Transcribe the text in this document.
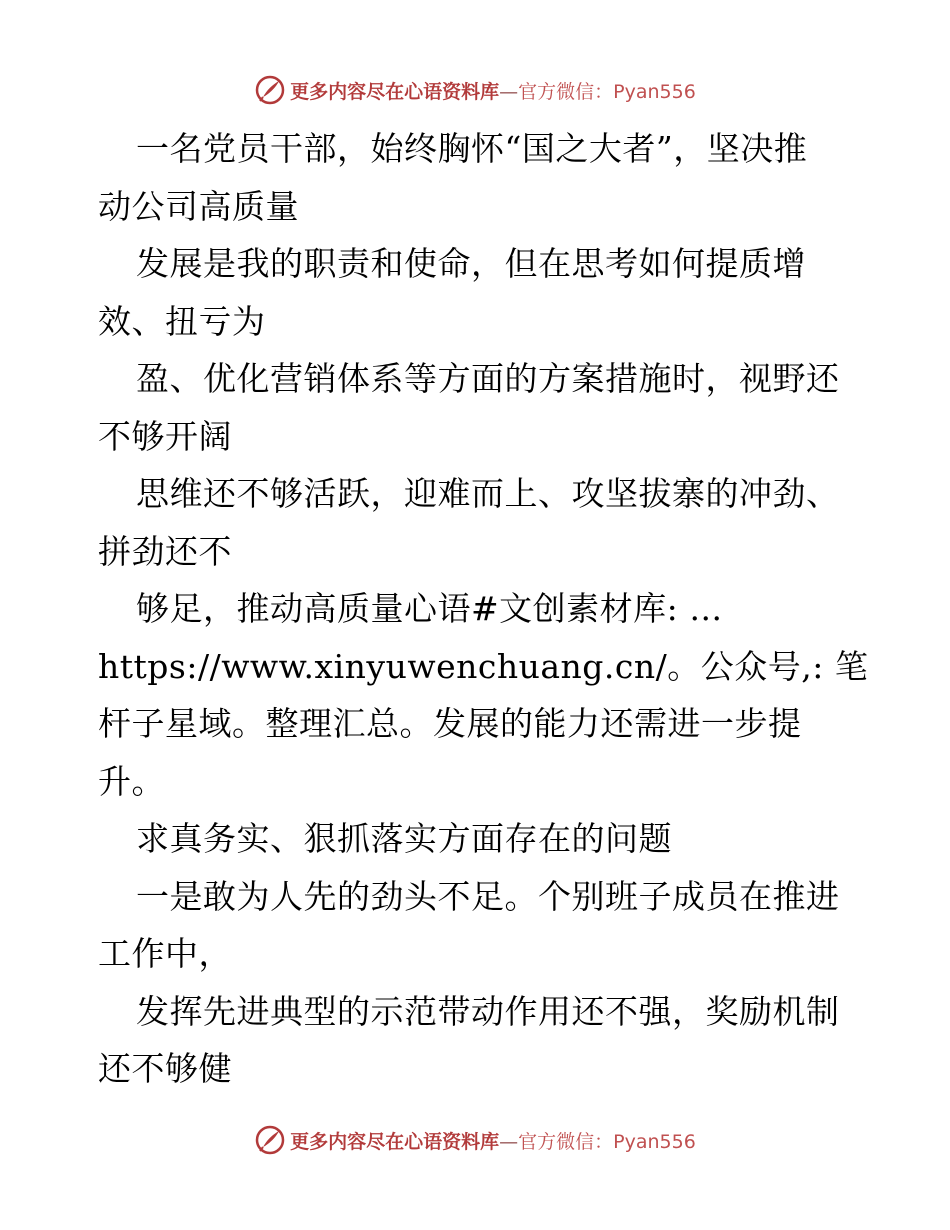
更多内容尽在心语资料库—官方微信：Pyan556
一名党员干部，始终胸怀“国之大者”，坚决推
动公司高质量
发展是我的职责和使命，但在思考如何提质增
效、扭亏为
盈、优化营销体系等方面的方案措施时，视野还
不够开阔
思维还不够活跃，迎难而上、攻坚拔寨的冲劲、
拼劲还不
够足，推动高质量心语#文创素材库: …
https://www.xinyuwenchuang.cn/。公众号,: 笔
杆子星域。整理汇总。发展的能力还需进一步提
升。
求真务实、狠抓落实方面存在的问题
一是敢为人先的劲头不足。个别班子成员在推进
工作中，
发挥先进典型的示范带动作用还不强，奖励机制
还不够健
更多内容尽在心语资料库—官方微信：Pyan556
